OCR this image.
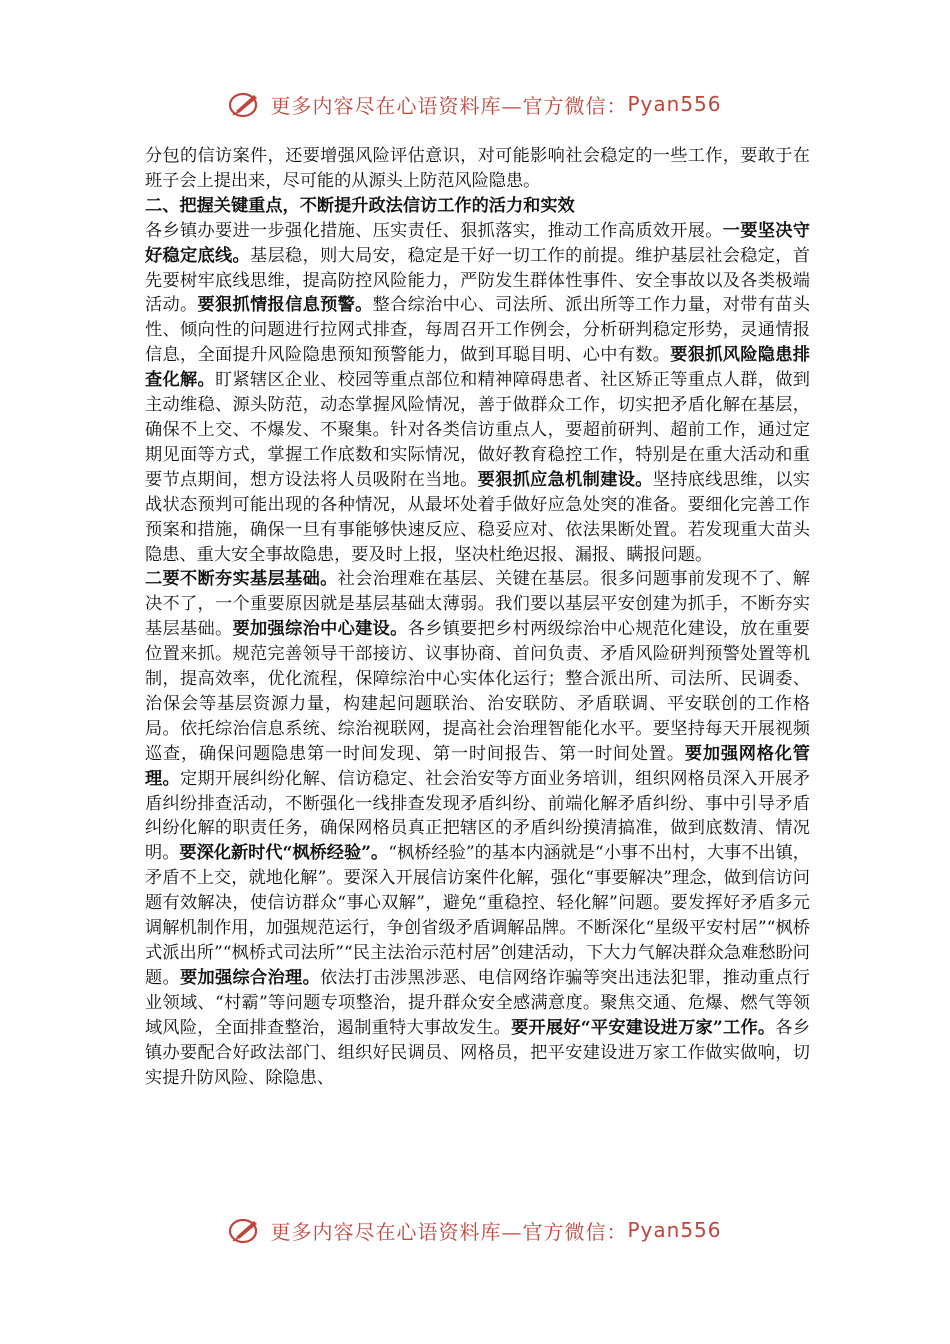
更多内容尽在心语资料库—官方微信： Pyan556

分包的信访案件，还要增强风险评估意识，对可能影响社会稳定的一些工作，要敢于在班子会上提出来，尽可能的从源头上防范风险隐患。

二、把握关键重点，不断提升政法信访工作的活力和实效

各乡镇办要进一步强化措施、压实责任、狠抓落实，推动工作高质效开展。一要坚决守好稳定底线。基层稳，则大局安，稳定是干好一切工作的前提。维护基层社会稳定，首先要树牢底线思维，提高防控风险能力，严防发生群体性事件、安全事故以及各类极端活动。要狠抓情报信息预警。整合综治中心、司法所、派出所等工作力量，对带有苗头性、倾向性的问题进行拉网式排查，每周召开工作例会，分析研判稳定形势，灵通情报信息，全面提升风险隐患预知预警能力，做到耳聪目明、心中有数。要狠抓风险隐患排查化解。盯紧辖区企业、校园等重点部位和精神障碍患者、社区矫正等重点人群，做到主动维稳、源头防范，动态掌握风险情况，善于做群众工作，切实把矛盾化解在基层，确保不上交、不爆发、不聚集。针对各类信访重点人，要超前研判、超前工作，通过定期见面等方式，掌握工作底数和实际情况，做好教育稳控工作，特别是在重大活动和重要节点期间，想方设法将人员吸附在当地。要狠抓应急机制建设。坚持底线思维，以实战状态预判可能出现的各种情况，从最坏处着手做好应急处突的准备。要细化完善工作预案和措施，确保一旦有事能够快速反应、稳妥应对、依法果断处置。若发现重大苗头隐患、重大安全事故隐患，要及时上报，坚决杜绝迟报、漏报、瞒报问题。

二要不断夯实基层基础。社会治理难在基层、关键在基层。很多问题事前发现不了、解决不了，一个重要原因就是基层基础太薄弱。我们要以基层平安创建为抓手，不断夯实基层基础。要加强综治中心建设。各乡镇要把乡村两级综治中心规范化建设，放在重要位置来抓。规范完善领导干部接访、议事协商、首问负责、矛盾风险研判预警处置等机制，提高效率，优化流程，保障综治中心实体化运行；整合派出所、司法所、民调委、治保会等基层资源力量，构建起问题联治、治安联防、矛盾联调、平安联创的工作格局。依托综治信息系统、综治视联网，提高社会治理智能化水平。要坚持每天开展视频巡查，确保问题隐患第一时间发现、第一时间报告、第一时间处置。要加强网格化管理。定期开展纠纷化解、信访稳定、社会治安等方面业务培训，组织网格员深入开展矛盾纠纷排查活动，不断强化一线排查发现矛盾纠纷、前端化解矛盾纠纷、事中引导矛盾纠纷化解的职责任务，确保网格员真正把辖区的矛盾纠纷摸清搞准，做到底数清、情况明。要深化新时代“枫桥经验”。“枫桥经验”的基本内涵就是“小事不出村，大事不出镇，矛盾不上交，就地化解”。要深入开展信访案件化解，强化“事要解决”理念，做到信访问题有效解决，使信访群众“事心双解”，避免“重稳控、轻化解”问题。要发挥好矛盾多元调解机制作用，加强规范运行，争创省级矛盾调解品牌。不断深化“星级平安村居”“枫桥式派出所”“枫桥式司法所”“民主法治示范村居”创建活动，下大力气解决群众急难愁盼问题。要加强综合治理。依法打击涉黑涉恶、电信网络诈骗等突出违法犯罪，推动重点行业领域、“村霸”等问题专项整治，提升群众安全感满意度。聚焦交通、危爆、燃气等领域风险，全面排查整治，遏制重特大事故发生。要开展好“平安建设进万家”工作。各乡镇办要配合好政法部门、组织好民调员、网格员，把平安建设进万家工作做实做响，切实提升防风险、除隐患、

更多内容尽在心语资料库—官方微信： Pyan556
